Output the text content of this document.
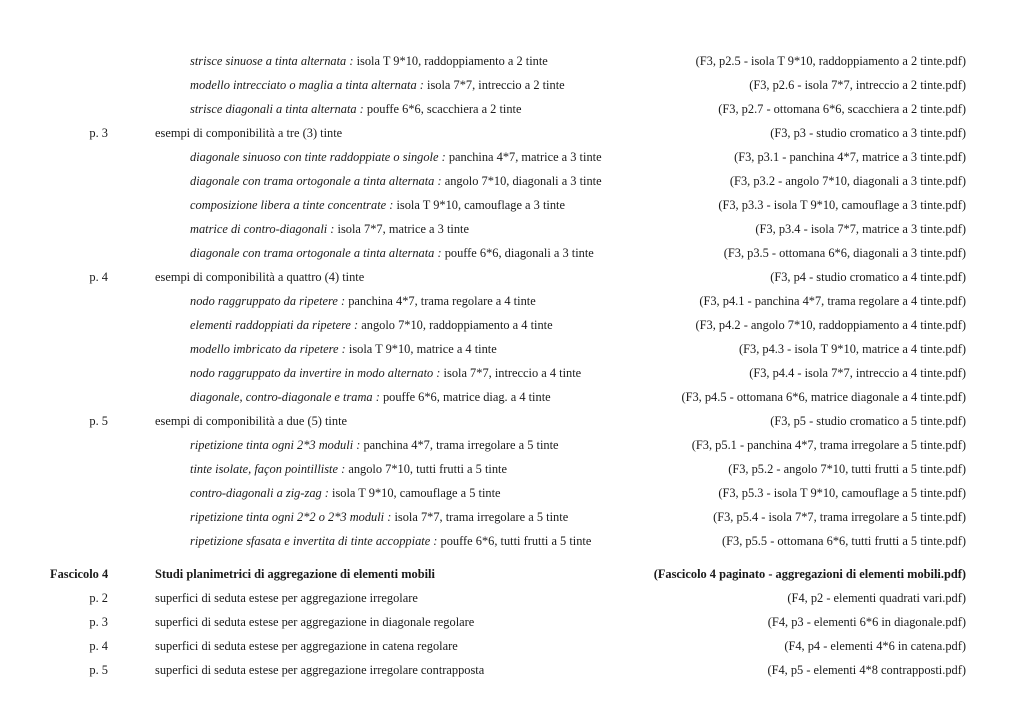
strisce sinuose a tinta alternata : isola T 9*10, raddoppiamento a 2 tinte	(F3, p2.5 - isola T 9*10, raddoppiamento a 2 tinte.pdf)
modello intrecciato o maglia a tinta alternata : isola 7*7, intreccio a 2 tinte	(F3, p2.6 - isola 7*7, intreccio a 2 tinte.pdf)
strisce diagonali a tinta alternata : pouffe 6*6, scacchiera a 2 tinte	(F3, p2.7 - ottomana 6*6, scacchiera a 2 tinte.pdf)
p. 3	esempi di componibilità a tre (3) tinte	(F3, p3 - studio cromatico a 3 tinte.pdf)
diagonale sinuoso con tinte raddoppiate o singole : panchina 4*7, matrice a 3 tinte	(F3, p3.1 - panchina 4*7, matrice a 3 tinte.pdf)
diagonale con trama ortogonale a tinta alternata : angolo 7*10, diagonali a 3 tinte	(F3, p3.2 - angolo 7*10, diagonali a 3 tinte.pdf)
composizione libera a tinte concentrate : isola T 9*10, camouflage a 3 tinte	(F3, p3.3 - isola T 9*10, camouflage a 3 tinte.pdf)
matrice di contro-diagonali : isola 7*7, matrice a 3 tinte	(F3, p3.4 - isola 7*7, matrice a 3 tinte.pdf)
diagonale con trama ortogonale a tinta alternata : pouffe 6*6, diagonali a 3 tinte	(F3, p3.5 - ottomana 6*6, diagonali a 3 tinte.pdf)
p. 4	esempi di componibilità a quattro (4) tinte	(F3, p4 - studio cromatico a 4 tinte.pdf)
nodo raggruppato da ripetere : panchina 4*7, trama regolare a 4 tinte	(F3, p4.1 - panchina 4*7, trama regolare a 4 tinte.pdf)
elementi raddoppiati da ripetere : angolo 7*10, raddoppiamento a 4 tinte	(F3, p4.2 - angolo 7*10, raddoppiamento a 4 tinte.pdf)
modello imbricato da ripetere : isola T 9*10, matrice a 4 tinte	(F3, p4.3 - isola T 9*10, matrice a 4 tinte.pdf)
nodo raggruppato da invertire in modo alternato : isola 7*7, intreccio a 4 tinte	(F3, p4.4 - isola 7*7, intreccio a 4 tinte.pdf)
diagonale, contro-diagonale e trama : pouffe 6*6, matrice diag. a 4 tinte	(F3, p4.5 - ottomana 6*6, matrice diagonale a 4 tinte.pdf)
p. 5	esempi di componibilità a due (5) tinte	(F3, p5 - studio cromatico a 5 tinte.pdf)
ripetizione tinta ogni 2*3 moduli : panchina 4*7, trama irregolare a 5 tinte	(F3, p5.1 - panchina 4*7, trama irregolare a 5 tinte.pdf)
tinte isolate, façon pointilliste : angolo 7*10, tutti frutti a 5 tinte	(F3, p5.2 - angolo 7*10, tutti frutti a 5 tinte.pdf)
contro-diagonali a zig-zag : isola T 9*10, camouflage a 5 tinte	(F3, p5.3 - isola T 9*10, camouflage a 5 tinte.pdf)
ripetizione tinta ogni 2*2 o 2*3 moduli : isola 7*7, trama irregolare a 5 tinte	(F3, p5.4 - isola 7*7, trama irregolare a 5 tinte.pdf)
ripetizione sfasata e invertita di tinte accoppiate : pouffe 6*6, tutti frutti a 5 tinte	(F3, p5.5 - ottomana 6*6, tutti frutti a 5 tinte.pdf)
Fascicolo 4	Studi planimetrici di aggregazione di elementi mobili	(Fascicolo 4 paginato - aggregazioni di elementi mobili.pdf)
p. 2	superfici di seduta estese per aggregazione irregolare	(F4, p2 - elementi quadrati vari.pdf)
p. 3	superfici di seduta estese per aggregazione in diagonale regolare	(F4, p3 - elementi 6*6 in diagonale.pdf)
p. 4	superfici di seduta estese per aggregazione in catena regolare	(F4, p4 - elementi 4*6 in catena.pdf)
p. 5	superfici di seduta estese per aggregazione irregolare contrapposta	(F4, p5 - elementi 4*8 contrapposti.pdf)
